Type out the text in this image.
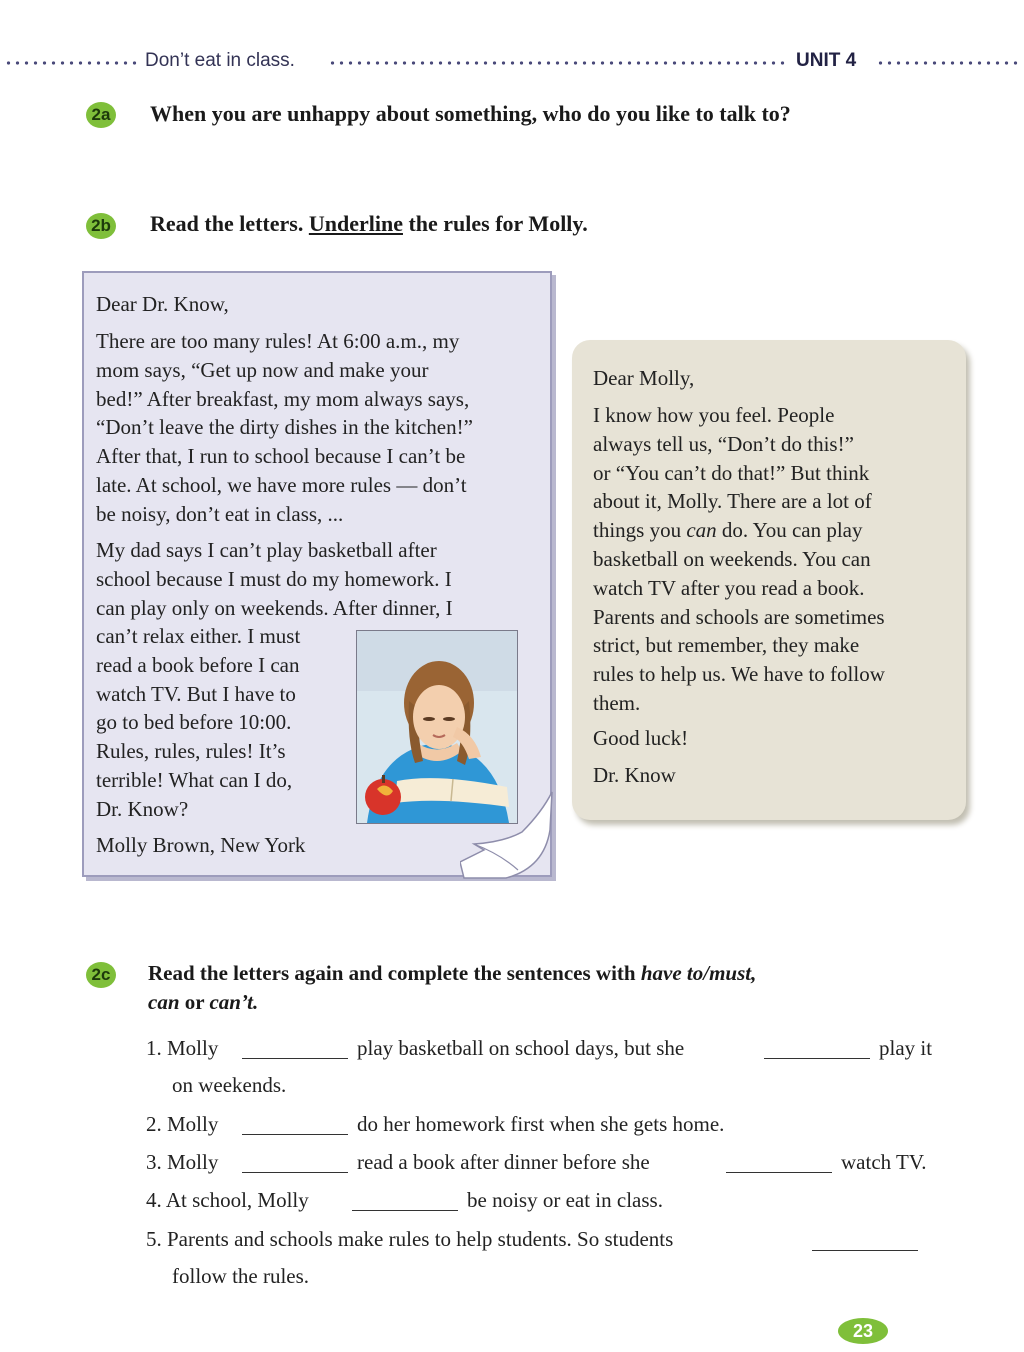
Don’t eat in class.	UNIT 4
2a When you are unhappy about something, who do you like to talk to?
2b Read the letters. Underline the rules for Molly.

Dear Dr. Know,

There are too many rules! At 6:00 a.m., my
mom says, “Get up now and make your
bed!” After breakfast, my mom always says,
“Don’t leave the dirty dishes in the kitchen!”
After that, I run to school because I can’t be
late. At school, we have more rules — don’t
be noisy, don’t eat in class, ...

My dad says I can’t play basketball after
school because I must do my homework. I
can play only on weekends. After dinner, I

can’t relax either. I must
read a book before I can
watch TV. But I have to
go to bed before 10:00.
Rules, rules, rules! It’s
terrible! What can I do,
Dr. Know?

Molly Brown, New York

Dear Molly,

I know how you feel. People
always tell us, “Don’t do this!”
or “You can’t do that!” But think
about it, Molly. There are a lot of
things you can do. You can play
basketball on weekends. You can
watch TV after you read a book.
Parents and schools are sometimes
strict, but remember, they make
rules to help us. We have to follow
them.

Good luck!

Dr. Know

2c Read the letters again and complete the sentences with have to/must,
can or can’t.
1. Molly	play basketball on school days, but she	play it
on weekends.
2. Molly	do her homework first when she gets home.
3. Molly	read a book after dinner before she	watch TV.
4. At school, Molly	be noisy or eat in class.
5. Parents and schools make rules to help students. So students
follow the rules.
23
